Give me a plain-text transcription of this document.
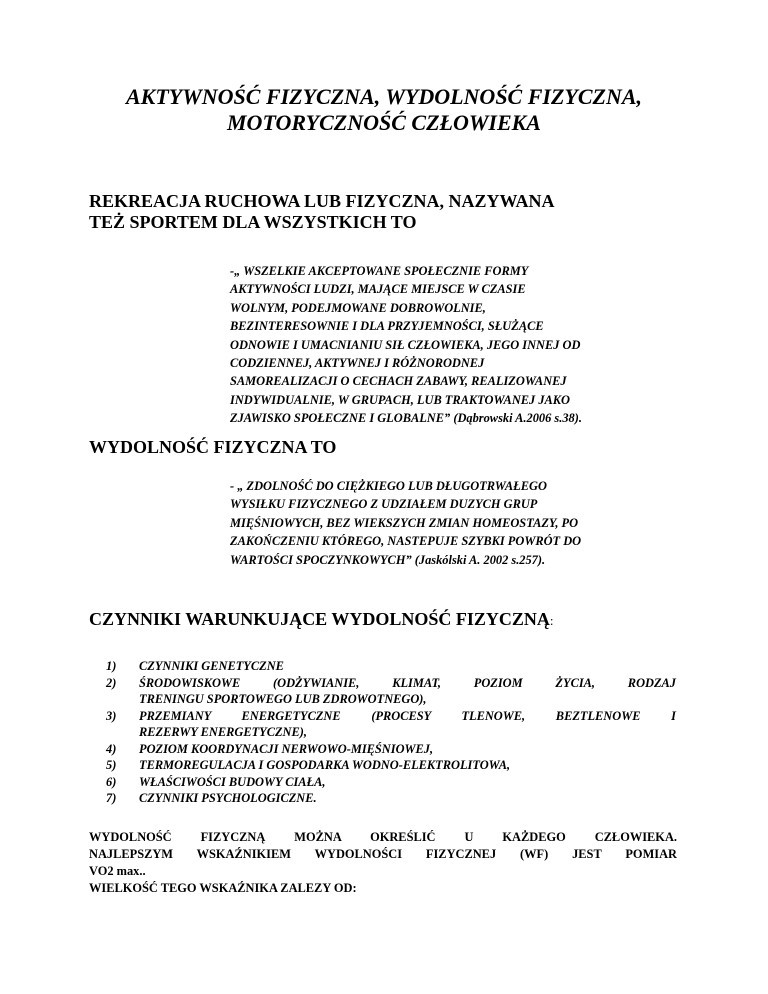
AKTYWNOŚĆ FIZYCZNA, WYDOLNOŚĆ FIZYCZNA,
MOTORYCZNOŚĆ CZŁOWIEKA
REKREACJA RUCHOWA LUB FIZYCZNA, NAZYWANA
TEŻ SPORTEM DLA WSZYSTKICH TO
-„ WSZELKIE AKCEPTOWANE SPOŁECZNIE FORMY
AKTYWNOŚCI LUDZI, MAJĄCE MIEJSCE W CZASIE
WOLNYM, PODEJMOWANE DOBROWOLNIE,
BEZINTERESOWNIE I DLA PRZYJEMNOŚCI, SŁUŻĄCE
ODNOWIE I UMACNIANIU SIŁ CZŁOWIEKA, JEGO INNEJ OD
CODZIENNEJ, AKTYWNEJ I RÓŻNORODNEJ
SAMOREALIZACJI O CECHACH ZABAWY, REALIZOWANEJ
INDYWIDUALNIE, W GRUPACH, LUB TRAKTOWANEJ JAKO
ZJAWISKO SPOŁECZNE I GLOBALNE” (Dąbrowski A.2006 s.38).
WYDOLNOŚĆ FIZYCZNA TO
- „ ZDOLNOŚĆ DO CIĘŻKIEGO LUB DŁUGOTRWAŁEGO
WYSIŁKU FIZYCZNEGO Z UDZIAŁEM DUZYCH GRUP
MIĘŚNIOWYCH, BEZ WIEKSZYCH ZMIAN HOMEOSTAZY, PO
ZAKOŃCZENIU KTÓREGO, NASTEPUJE SZYBKI POWRÓT DO
WARTOŚCI SPOCZYNKOWYCH” (Jaskólski A. 2002 s.257).
CZYNNIKI WARUNKUJĄCE WYDOLNOŚĆ FIZYCZNĄ:
1) CZYNNIKI GENETYCZNE
2) ŚRODOWISKOWE (ODŻYWIANIE, KLIMAT, POZIOM ŻYCIA, RODZAJ
TRENINGU SPORTOWEGO LUB ZDROWOTNEGO),
3) PRZEMIANY ENERGETYCZNE (PROCESY TLENOWE, BEZTLENOWE I
REZERWY ENERGETYCZNE),
4) POZIOM KOORDYNACJI NERWOWO-MIĘŚNIOWEJ,
5) TERMOREGULACJA I GOSPODARKA WODNO-ELEKTROLITOWA,
6) WŁAŚCIWOŚCI BUDOWY CIAŁA,
7) CZYNNIKI PSYCHOLOGICZNE.

WYDOLNOŚĆ FIZYCZNĄ MOŻNA OKREŚLIĆ U KAŻDEGO CZŁOWIEKA.
NAJLEPSZYM WSKAŹNIKIEM WYDOLNOŚCI FIZYCZNEJ (WF) JEST POMIAR
VO2 max..
WIELKOŚĆ TEGO WSKAŹNIKA ZALEZY OD:
